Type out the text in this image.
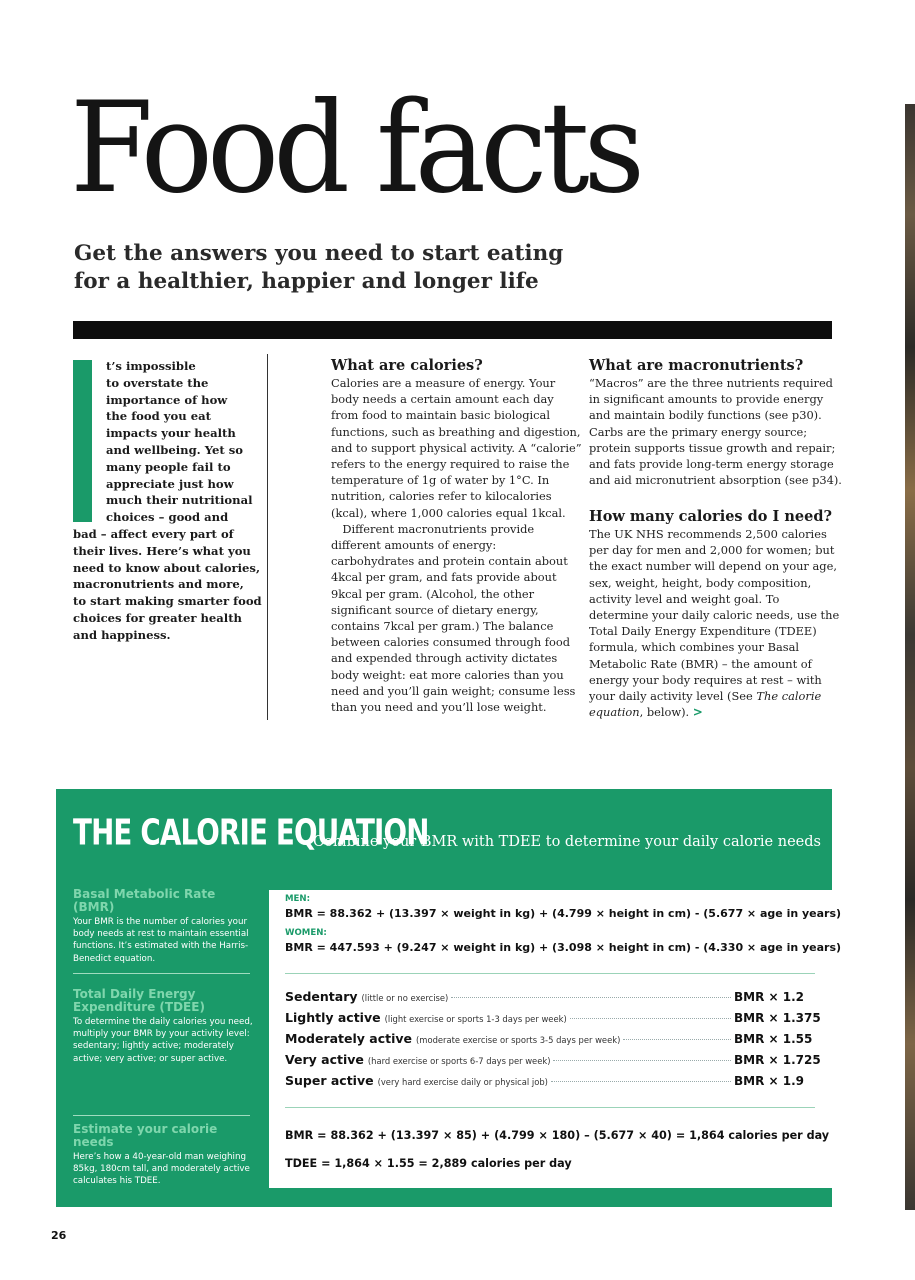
Food facts
Get the answers you need to start eating
for a healthier, happier and longer life

t’s impossible
to overstate the
importance of how
the food you eat
impacts your health
and wellbeing. Yet so
many people fail to
appreciate just how
much their nutritional
choices – good and
bad – affect every part of
their lives. Here’s what you
need to know about calories,
macronutrients and more,
to start making smarter food
choices for greater health
and happiness.

What are calories?

Calories are a measure of energy. Your
body needs a certain amount each day
from food to maintain basic biological
functions, such as breathing and digestion,
and to support physical activity. A “calorie”
refers to the energy required to raise the
temperature of 1g of water by 1°C. In
nutrition, calories refer to kilocalories
(kcal), where 1,000 calories equal 1kcal.
 Different macronutrients provide
different amounts of energy:
carbohydrates and protein contain about
4kcal per gram, and fats provide about
9kcal per gram. (Alcohol, the other
significant source of dietary energy,
contains 7kcal per gram.) The balance
between calories consumed through food
and expended through activity dictates
body weight: eat more calories than you
need and you’ll gain weight; consume less
than you need and you’ll lose weight.

What are macronutrients?

“Macros” are the three nutrients required
in significant amounts to provide energy
and maintain bodily functions (see p30).
Carbs are the primary energy source;
protein supports tissue growth and repair;
and fats provide long-term energy storage
and aid micronutrient absorption (see p34).

How many calories do I need?

The UK NHS recommends 2,500 calories
per day for men and 2,000 for women; but
the exact number will depend on your age,
sex, weight, height, body composition,
activity level and weight goal. To
determine your daily caloric needs, use the
Total Daily Energy Expenditure (TDEE)
formula, which combines your Basal
Metabolic Rate (BMR) – the amount of
energy your body requires at rest – with
your daily activity level (See The calorie
equation, below). >

THE CALORIE EQUATION
Combine your BMR with TDEE to determine your daily calorie needs
Basal Metabolic Rate (BMR)

Your BMR is the number of calories your body needs at rest to maintain essential functions. It’s estimated with the Harris-Benedict equation.

Total Daily Energy Expenditure (TDEE)

To determine the daily calories you need, multiply your BMR by your activity level: sedentary; lightly active; moderately active; very active; or super active.

Estimate your calorie needs

Here’s how a 40-year-old man weighing 85kg, 180cm tall, and moderately active calculates his TDEE.

MEN:
BMR = 88.362 + (13.397 × weight in kg) + (4.799 × height in cm) - (5.677 × age in years)
WOMEN:
BMR = 447.593 + (9.247 × weight in kg) + (3.098 × height in cm) - (4.330 × age in years)
Sedentary (little or no exercise)	BMR × 1.2
Lightly active (light exercise or sports 1-3 days per week)	BMR × 1.375
Moderately active (moderate exercise or sports 3-5 days per week)	BMR × 1.55
Very active (hard exercise or sports 6-7 days per week)	BMR × 1.725
Super active (very hard exercise daily or physical job)	BMR × 1.9
BMR = 88.362 + (13.397 × 85) + (4.799 × 180) – (5.677 × 40) = 1,864 calories per day
TDEE = 1,864 × 1.55 = 2,889 calories per day
26
